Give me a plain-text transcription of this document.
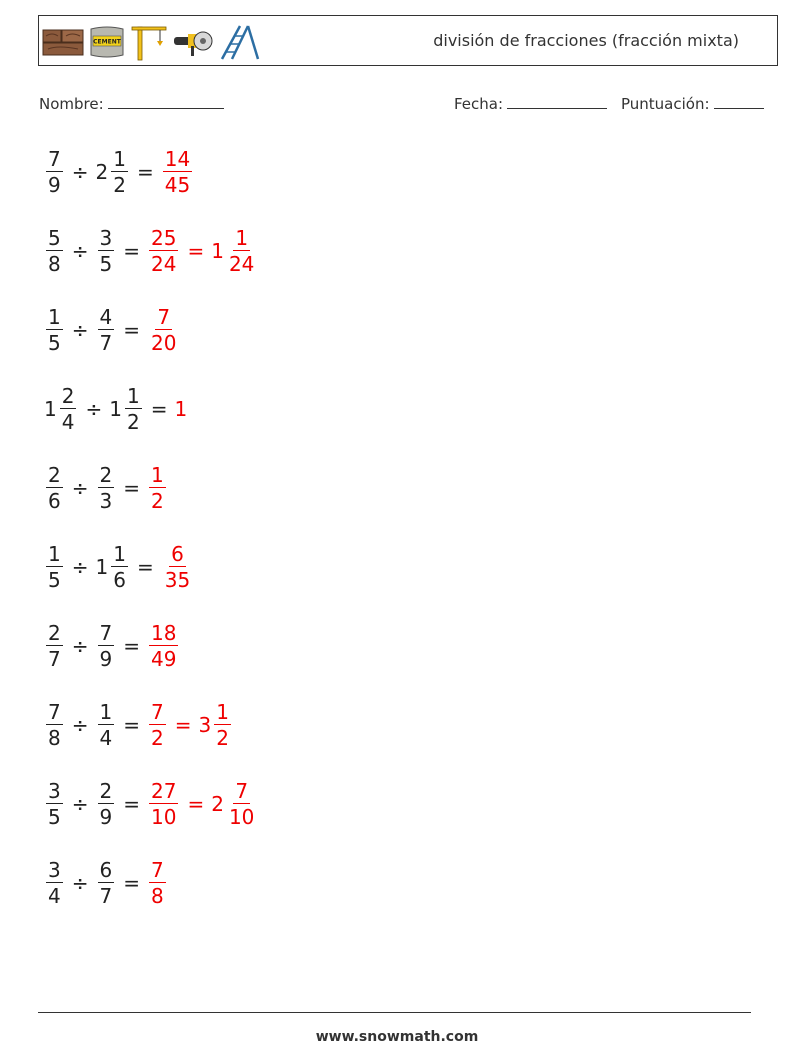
CEMENT	división de fracciones (fracción mixta)
Nombre:	Fecha:	Puntuación:
$\frac{7}{9} \div 2 \frac{1}{2} = \frac{14}{45}$
$\frac{5}{8} \div \frac{3}{5} = \frac{25}{24} = 1 \frac{1}{24}$
$\frac{1}{5} \div \frac{4}{7} = \frac{7}{20}$
$1 \frac{2}{4} \div 1 \frac{1}{2} = 1$
$\frac{2}{6} \div \frac{2}{3} = \frac{1}{2}$
$\frac{1}{5} \div 1 \frac{1}{6} = \frac{6}{35}$
$\frac{2}{7} \div \frac{7}{9} = \frac{18}{49}$
$\frac{7}{8} \div \frac{1}{4} = \frac{7}{2} = 3 \frac{1}{2}$
$\frac{3}{5} \div \frac{2}{9} = \frac{27}{10} = 2 \frac{7}{10}$
$\frac{3}{4} \div \frac{6}{7} = \frac{7}{8}$
www.snowmath.com
